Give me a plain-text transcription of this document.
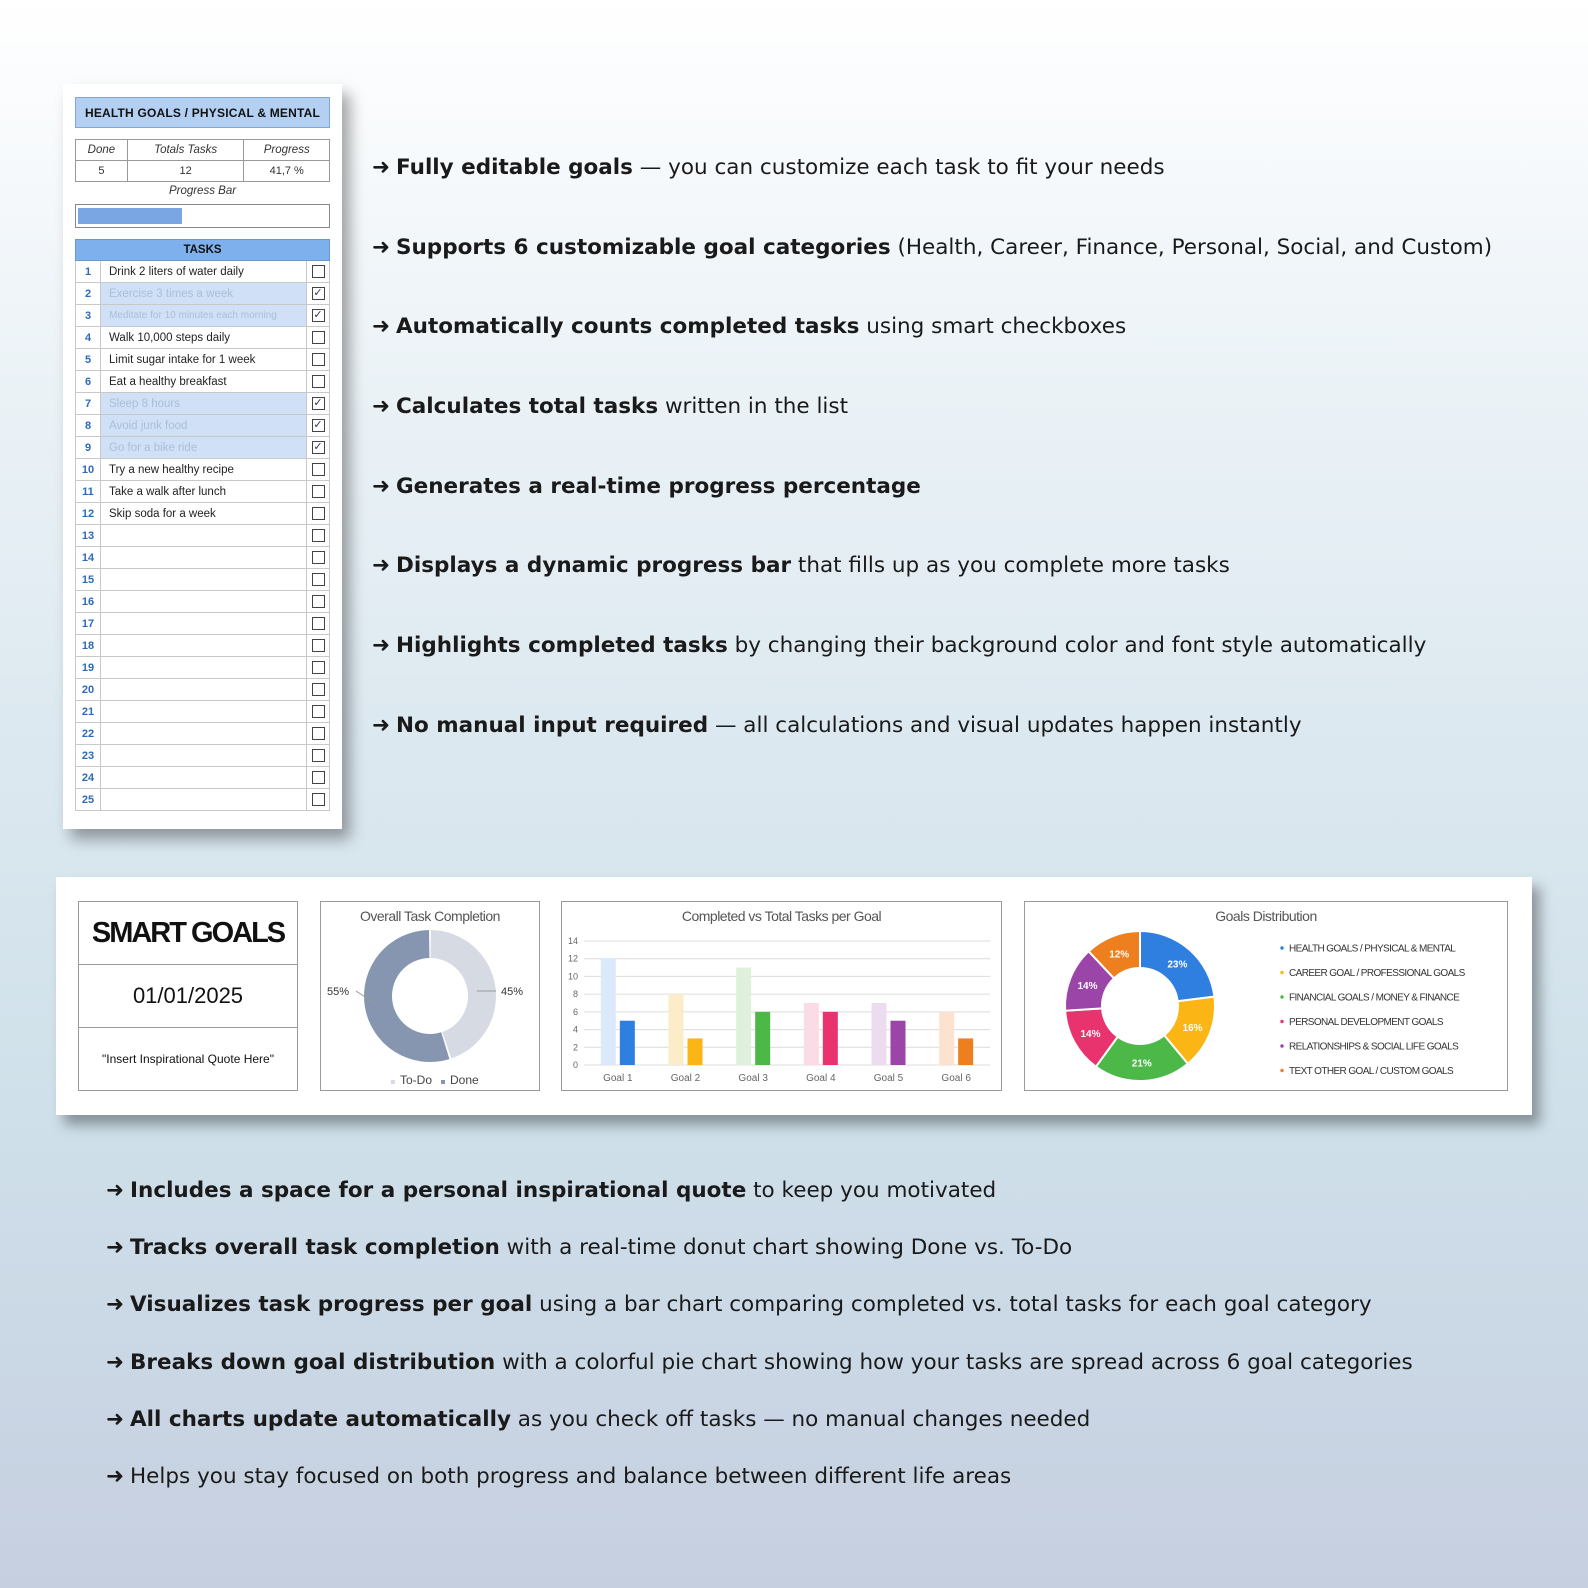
HEALTH GOALS / PHYSICAL & MENTAL
Done	Totals Tasks	Progress
5	12	41,7 %
Progress Bar
TASKS
1	Drink 2 liters of water daily
2	Exercise 3 times a week	✓
3	Meditate for 10 minutes each morning	✓
4	Walk 10,000 steps daily
5	Limit sugar intake for 1 week
6	Eat a healthy breakfast
7	Sleep 8 hours	✓
8	Avoid junk food	✓
9	Go for a bike ride	✓
10	Try a new healthy recipe
11	Take a walk after lunch
12	Skip soda for a week
13
14
15
16
17
18
19
20
21
22
23
24
25
➜ Fully editable goals — you can customize each task to fit your needs
➜ Supports 6 customizable goal categories (Health, Career, Finance, Personal, Social, and Custom)
➜ Automatically counts completed tasks using smart checkboxes
➜ Calculates total tasks written in the list
➜ Generates a real-time progress percentage
➜ Displays a dynamic progress bar that fills up as you complete more tasks
➜ Highlights completed tasks by changing their background color and font style automatically
➜ No manual input required — all calculations and visual updates happen instantly
SMART GOALS
01/01/2025
"Insert Inspirational Quote Here"
Overall Task Completion
45%
55%
To-Do Done
Completed vs Total Tasks per Goal
0
2
4
6
8
10
12
14
Goal 1	Goal 2	Goal 3	Goal 4	Goal 5	Goal 6
Goals Distribution
23%
16%
21%
14%
14%
12%
HEALTH GOALS / PHYSICAL & MENTAL
CAREER GOAL / PROFESSIONAL GOALS
FINANCIAL GOALS / MONEY & FINANCE
PERSONAL DEVELOPMENT GOALS
RELATIONSHIPS & SOCIAL LIFE GOALS
TEXT OTHER GOAL / CUSTOM GOALS
➜ Includes a space for a personal inspirational quote to keep you motivated
➜ Tracks overall task completion with a real-time donut chart showing Done vs. To-Do
➜ Visualizes task progress per goal using a bar chart comparing completed vs. total tasks for each goal category
➜ Breaks down goal distribution with a colorful pie chart showing how your tasks are spread across 6 goal categories
➜ All charts update automatically as you check off tasks — no manual changes needed
➜ Helps you stay focused on both progress and balance between different life areas
